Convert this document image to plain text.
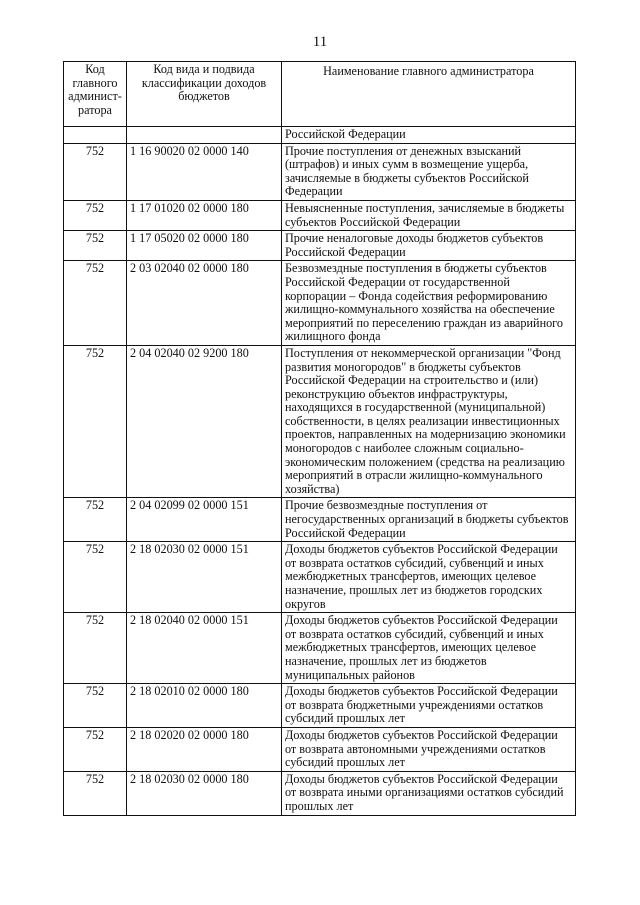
11
Код главного админист-ратора	Код вида и подвида классификации доходов бюджетов	Наименование главного администратора
		Российской Федерации
752	1 16 90020 02 0000 140	Прочие поступления от денежных взысканий (штрафов) и иных сумм в возмещение ущерба, зачисляемые в бюджеты субъектов Российской Федерации
752	1 17 01020 02 0000 180	Невыясненные поступления, зачисляемые в бюджеты субъектов Российской Федерации
752	1 17 05020 02 0000 180	Прочие неналоговые доходы бюджетов субъектов Российской Федерации
752	2 03 02040 02 0000 180	Безвозмездные поступления в бюджеты субъектов Российской Федерации от государственной корпорации – Фонда содействия реформированию жилищно-коммунального хозяйства на обеспечение мероприятий по переселению граждан из аварийного жилищного фонда
752	2 04 02040 02 9200 180	Поступления от некоммерческой организации "Фонд развития моногородов" в бюджеты субъектов Российской Федерации на строительство и (или) реконструкцию объектов инфраструктуры, находящихся в государственной (муниципальной) собственности, в целях реализации инвестиционных проектов, направленных на модернизацию экономики моногородов с наиболее сложным социально-экономическим положением (средства на реализацию мероприятий в отрасли жилищно-коммунального хозяйства)
752	2 04 02099 02 0000 151	Прочие безвозмездные поступления от негосударственных организаций в бюджеты субъектов Российской Федерации
752	2 18 02030 02 0000 151	Доходы бюджетов субъектов Российской Федерации от возврата остатков субсидий, субвенций и иных межбюджетных трансфертов, имеющих целевое назначение, прошлых лет из бюджетов городских округов
752	2 18 02040 02 0000 151	Доходы бюджетов субъектов Российской Федерации от возврата остатков субсидий, субвенций и иных межбюджетных трансфертов, имеющих целевое назначение, прошлых лет из бюджетов муниципальных районов
752	2 18 02010 02 0000 180	Доходы бюджетов субъектов Российской Федерации от возврата бюджетными учреждениями остатков субсидий прошлых лет
752	2 18 02020 02 0000 180	Доходы бюджетов субъектов Российской Федерации от возврата автономными учреждениями остатков субсидий прошлых лет
752	2 18 02030 02 0000 180	Доходы бюджетов субъектов Российской Федерации от возврата иными организациями остатков субсидий прошлых лет
